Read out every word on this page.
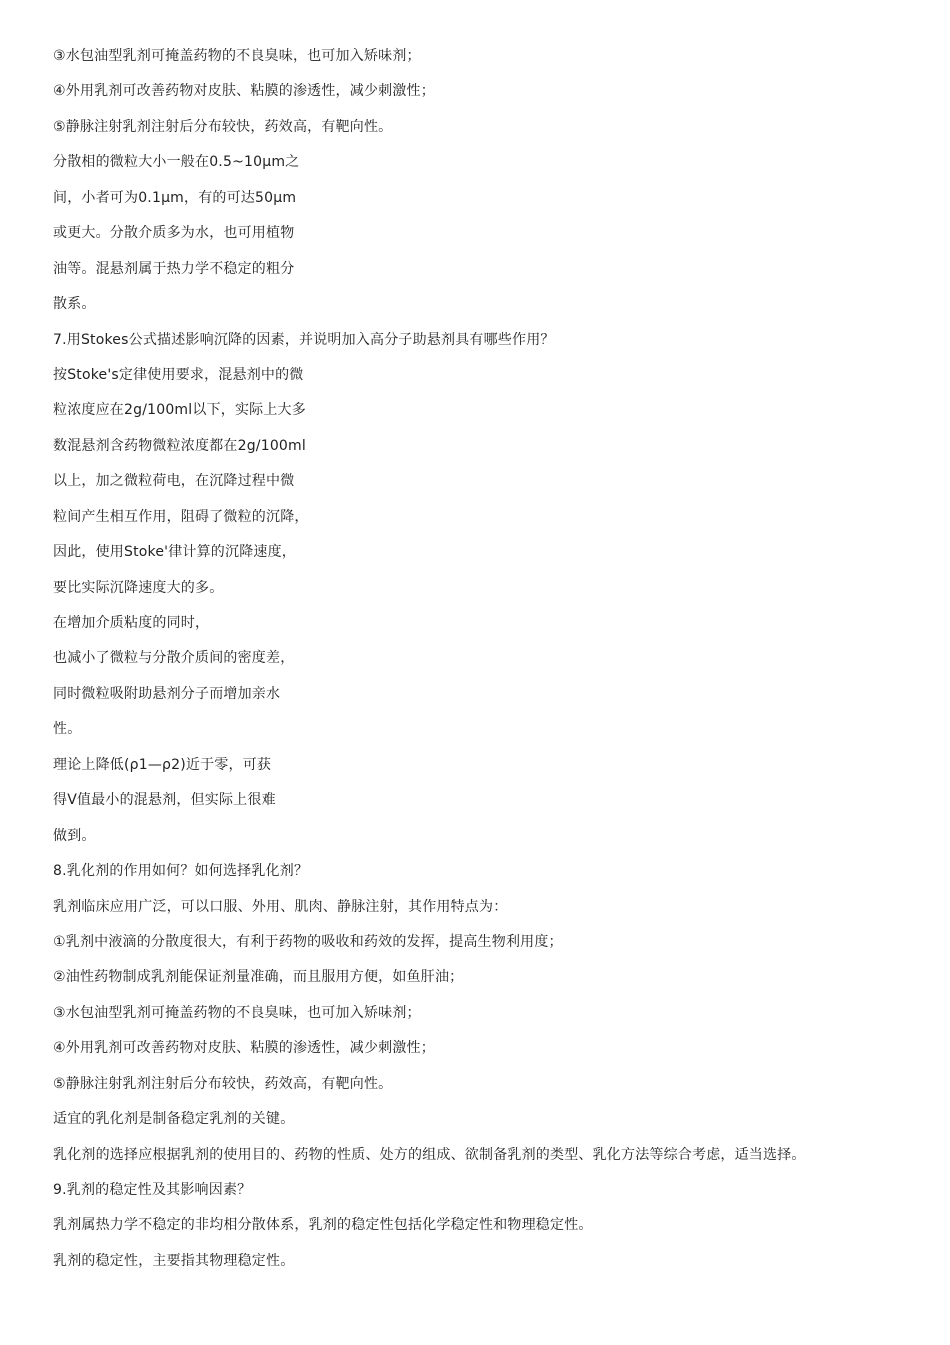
③水包油型乳剂可掩盖药物的不良臭味，也可加入矫味剂；
④外用乳剂可改善药物对皮肤、粘膜的渗透性，减少刺激性；
⑤静脉注射乳剂注射后分布较快，药效高，有靶向性。
分散相的微粒大小一般在0.5~10μm之
间，小者可为0.1μm，有的可达50μm
或更大。分散介质多为水，也可用植物
油等。混悬剂属于热力学不稳定的粗分
散系。
7.用Stokes公式描述影响沉降的因素，并说明加入高分子助悬剂具有哪些作用？
按Stoke's定律使用要求，混悬剂中的微
粒浓度应在2g/100ml以下，实际上大多
数混悬剂含药物微粒浓度都在2g/100ml
以上，加之微粒荷电，在沉降过程中微
粒间产生相互作用，阻碍了微粒的沉降，
因此，使用Stoke'律计算的沉降速度，
要比实际沉降速度大的多。
在增加介质粘度的同时，
也减小了微粒与分散介质间的密度差，
同时微粒吸附助悬剂分子而增加亲水
性。
理论上降低(ρ1—ρ2)近于零，可获
得V值最小的混悬剂，但实际上很难
做到。
8.乳化剂的作用如何？如何选择乳化剂？
乳剂临床应用广泛，可以口服、外用、肌肉、静脉注射，其作用特点为：
①乳剂中液滴的分散度很大，有利于药物的吸收和药效的发挥，提高生物利用度；
②油性药物制成乳剂能保证剂量准确，而且服用方便，如鱼肝油；
③水包油型乳剂可掩盖药物的不良臭味，也可加入矫味剂；
④外用乳剂可改善药物对皮肤、粘膜的渗透性，减少刺激性；
⑤静脉注射乳剂注射后分布较快，药效高，有靶向性。
适宜的乳化剂是制备稳定乳剂的关键。
乳化剂的选择应根据乳剂的使用目的、药物的性质、处方的组成、欲制备乳剂的类型、乳化方法等综合考虑，适当选择。
9.乳剂的稳定性及其影响因素？
乳剂属热力学不稳定的非均相分散体系，乳剂的稳定性包括化学稳定性和物理稳定性。
乳剂的稳定性，主要指其物理稳定性。
